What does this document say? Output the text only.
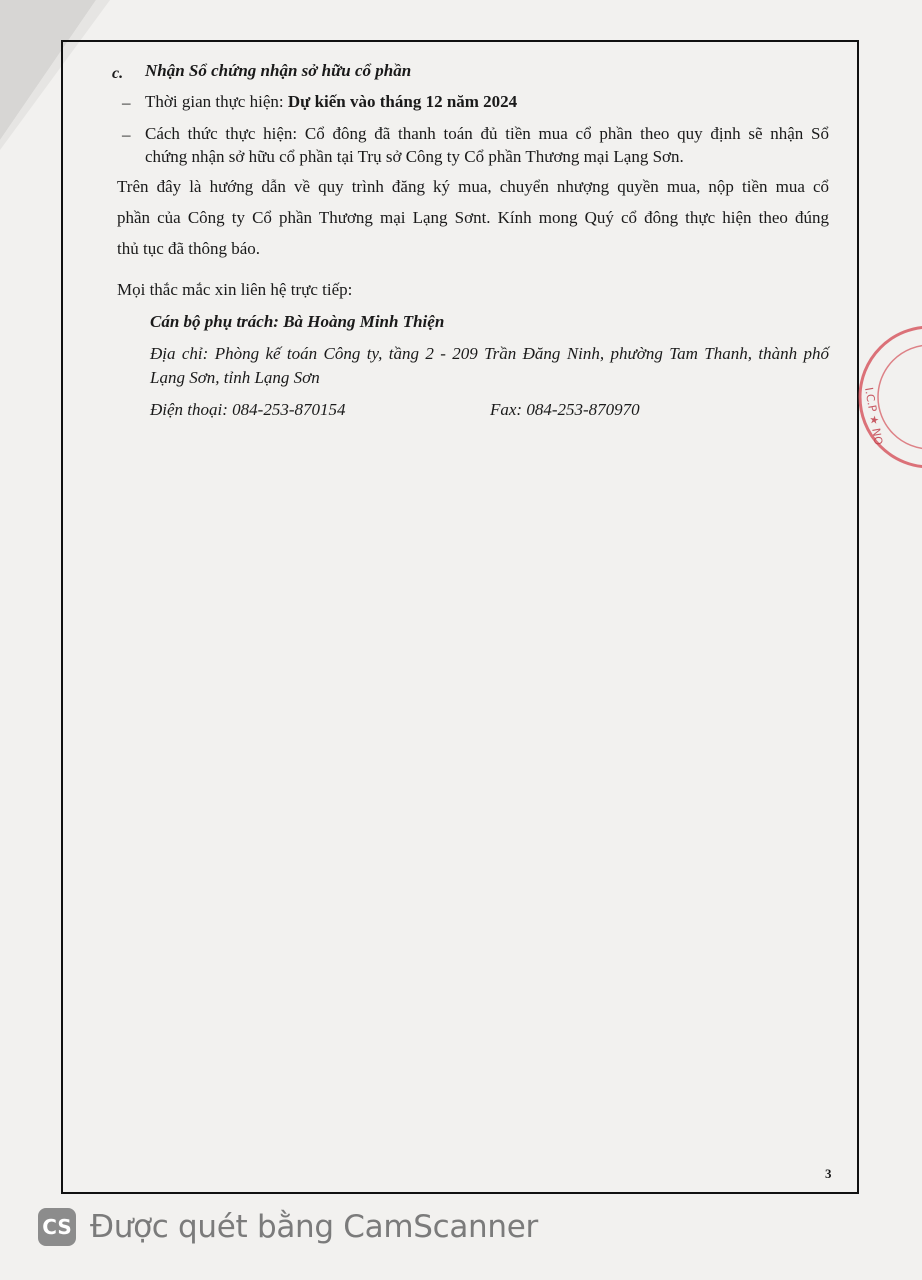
c. Nhận Sổ chứng nhận sở hữu cổ phần
– Thời gian thực hiện: Dự kiến vào tháng 12 năm 2024
– Cách thức thực hiện: Cổ đông đã thanh toán đủ tiền mua cổ phần theo quy định sẽ nhận Sổ
chứng nhận sở hữu cổ phần tại Trụ sở Công ty Cổ phần Thương mại Lạng Sơn.
Trên đây là hướng dẫn về quy trình đăng ký mua, chuyển nhượng quyền mua, nộp tiền mua cổ
phần của Công ty Cổ phần Thương mại Lạng Sơnt. Kính mong Quý cổ đông thực hiện theo đúng
thủ tục đã thông báo.
Mọi thắc mắc xin liên hệ trực tiếp:
Cán bộ phụ trách: Bà Hoàng Minh Thiện
Địa chỉ: Phòng kế toán Công ty, tầng 2 - 209 Trần Đăng Ninh, phường Tam Thanh, thành phố
Lạng Sơn, tỉnh Lạng Sơn
Điện thoại: 084-253-870154	Fax: 084-253-870970	I.C.P ★ NO
3
CS Được quét bằng CamScanner
